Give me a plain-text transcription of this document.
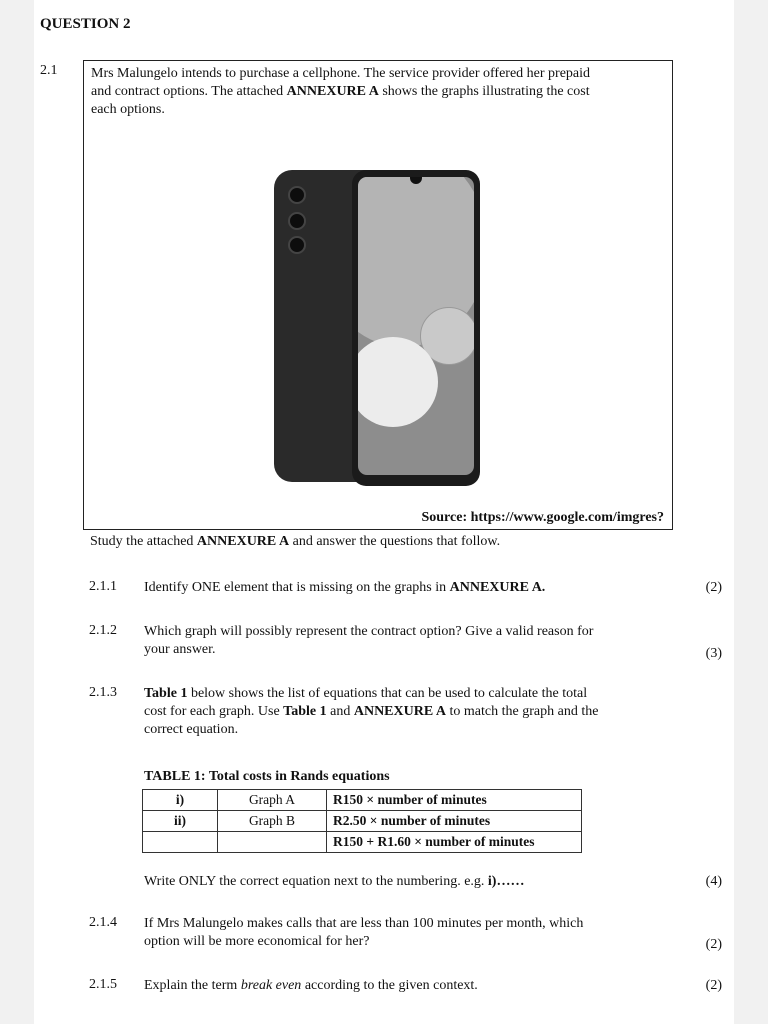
QUESTION 2
2.1 Mrs Malungelo intends to purchase a cellphone. The service provider offered her prepaid
and contract options. The attached ANNEXURE A shows the graphs illustrating the cost
each options.
Source: https://www.google.com/imgres?
Study the attached ANNEXURE A and answer the questions that follow.
2.1.1 Identify ONE element that is missing on the graphs in ANNEXURE A.	(2)
2.1.2 Which graph will possibly represent the contract option? Give a valid reason for
your answer.	(3)
2.1.3 Table 1 below shows the list of equations that can be used to calculate the total
cost for each graph. Use Table 1 and ANNEXURE A to match the graph and the
correct equation.
TABLE 1: Total costs in Rands equations
i)	Graph A	R150 × number of minutes
ii)	Graph B	R2.50 × number of minutes
		R150 + R1.60 × number of minutes
Write ONLY the correct equation next to the numbering. e.g. i)……	(4)
2.1.4 If Mrs Malungelo makes calls that are less than 100 minutes per month, which
option will be more economical for her?	(2)
2.1.5 Explain the term break even according to the given context.	(2)
